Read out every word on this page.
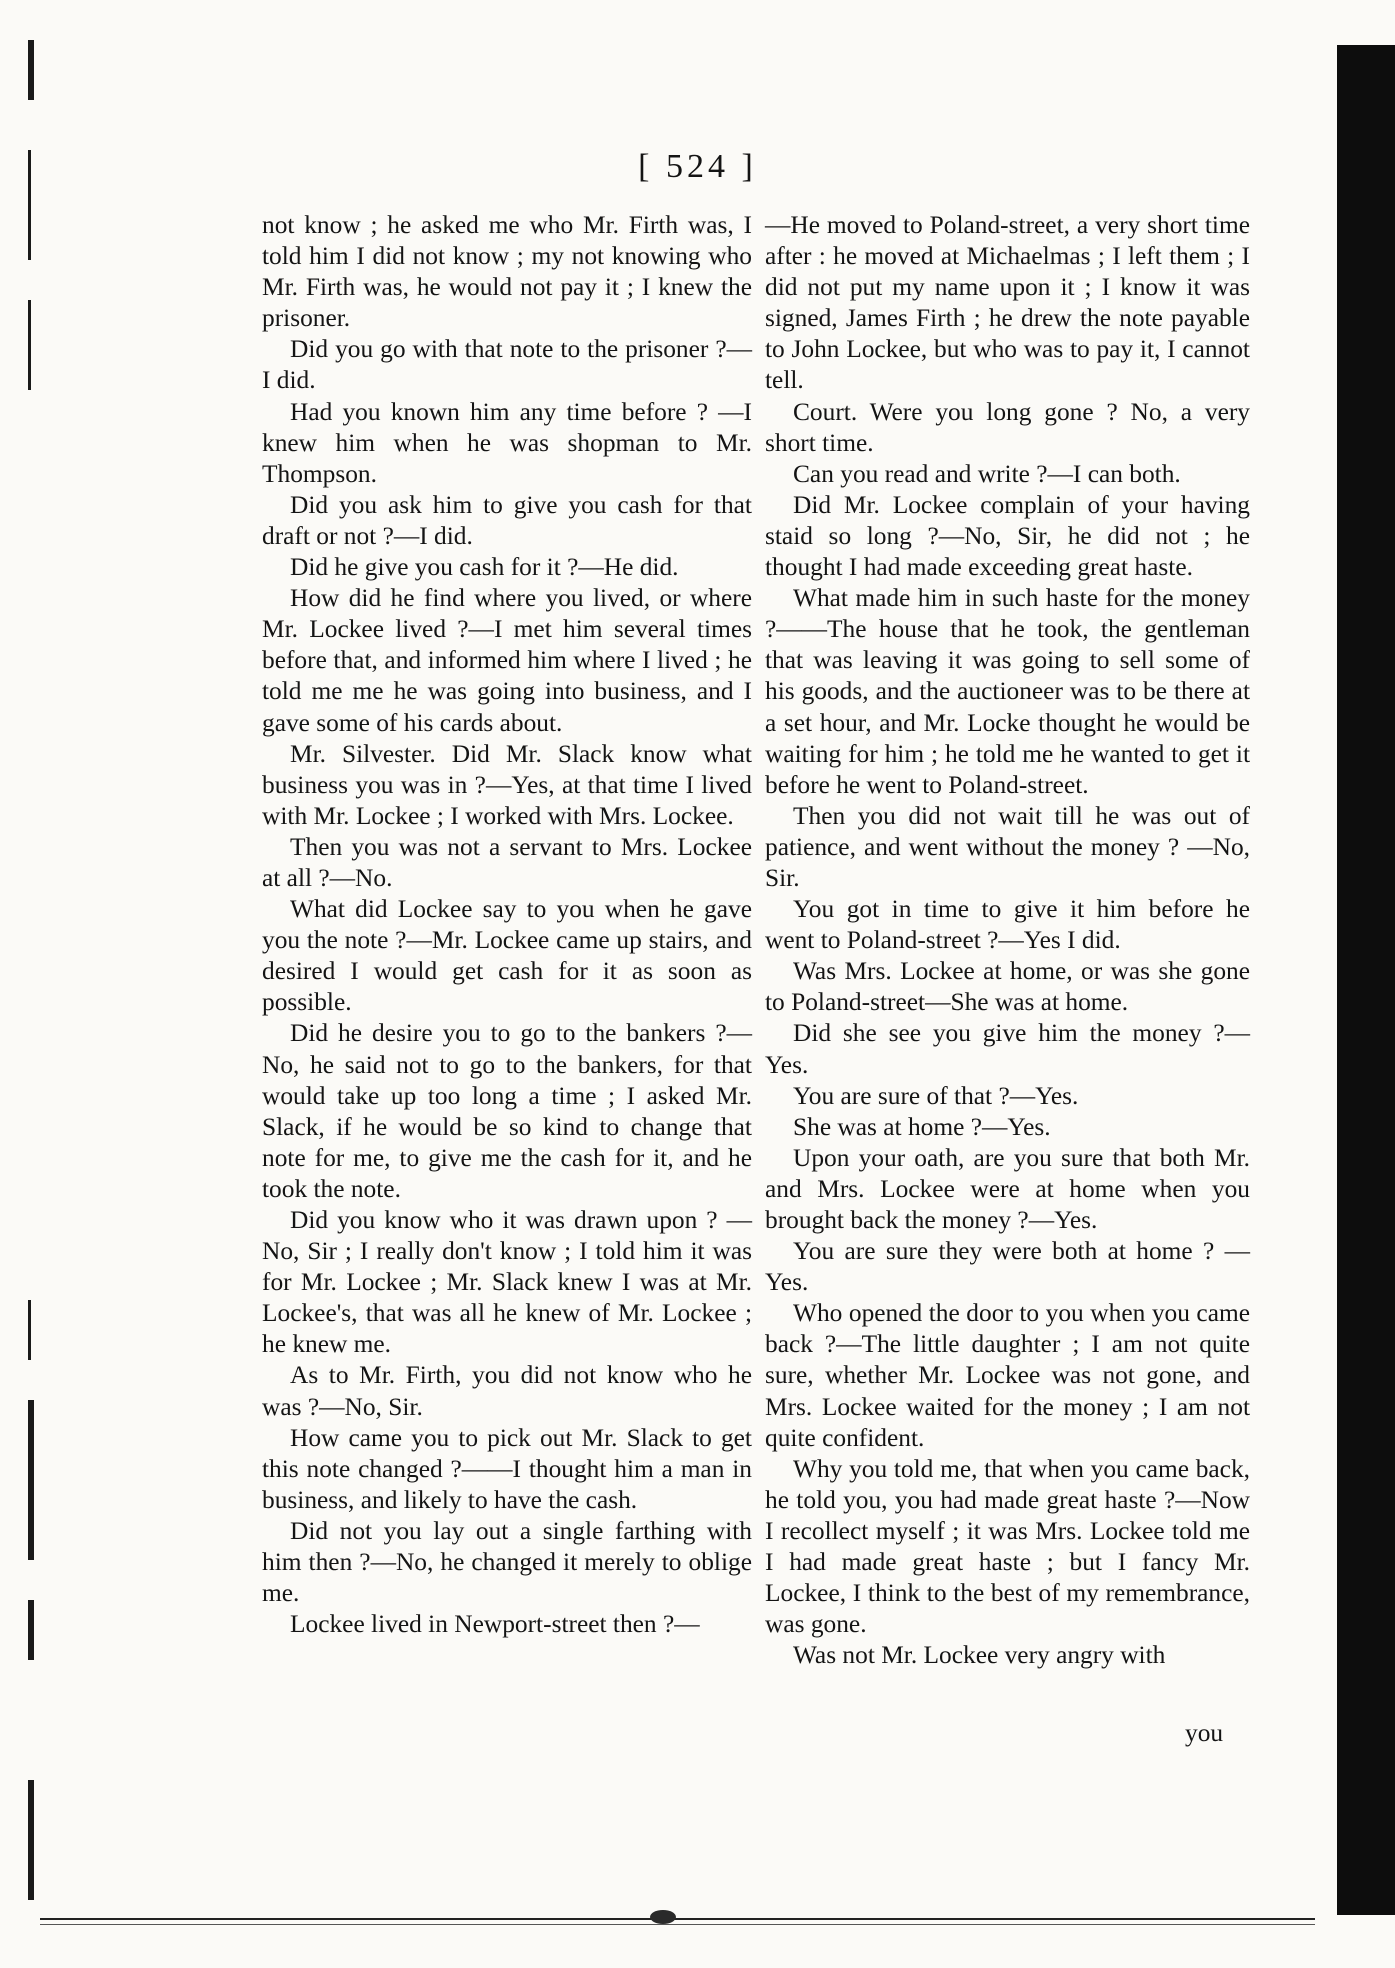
[ 524 ]

not know ; he asked me who Mr. Firth was, I told him I did not know ; my not knowing who Mr. Firth was, he would not pay it ; I knew the prisoner.

Did you go with that note to the prisoner ?—I did.

Had you known him any time before ? —I knew him when he was shopman to Mr. Thompson.

Did you ask him to give you cash for that draft or not ?—I did.

Did he give you cash for it ?—He did.

How did he find where you lived, or where Mr. Lockee lived ?—I met him several times before that, and informed him where I lived ; he told me me he was going into business, and I gave some of his cards about.

Mr. Silvester. Did Mr. Slack know what business you was in ?—Yes, at that time I lived with Mr. Lockee ; I worked with Mrs. Lockee.

Then you was not a servant to Mrs. Lockee at all ?—No.

What did Lockee say to you when he gave you the note ?—Mr. Lockee came up stairs, and desired I would get cash for it as soon as possible.

Did he desire you to go to the bankers ?—No, he said not to go to the bankers, for that would take up too long a time ; I asked Mr. Slack, if he would be so kind to change that note for me, to give me the cash for it, and he took the note.

Did you know who it was drawn upon ? —No, Sir ; I really don't know ; I told him it was for Mr. Lockee ; Mr. Slack knew I was at Mr. Lockee's, that was all he knew of Mr. Lockee ; he knew me.

As to Mr. Firth, you did not know who he was ?—No, Sir.

How came you to pick out Mr. Slack to get this note changed ?——I thought him a man in business, and likely to have the cash.

Did not you lay out a single farthing with him then ?—No, he changed it merely to oblige me.

Lockee lived in Newport-street then ?—

—He moved to Poland-street, a very short time after : he moved at Michaelmas ; I left them ; I did not put my name upon it ; I know it was signed, James Firth ; he drew the note payable to John Lockee, but who was to pay it, I cannot tell.

Court. Were you long gone ? No, a very short time.

Can you read and write ?—I can both.

Did Mr. Lockee complain of your having staid so long ?—No, Sir, he did not ; he thought I had made exceeding great haste.

What made him in such haste for the money ?——The house that he took, the gentleman that was leaving it was going to sell some of his goods, and the auctioneer was to be there at a set hour, and Mr. Locke thought he would be waiting for him ; he told me he wanted to get it before he went to Poland-street.

Then you did not wait till he was out of patience, and went without the money ? —No, Sir.

You got in time to give it him before he went to Poland-street ?—Yes I did.

Was Mrs. Lockee at home, or was she gone to Poland-street—She was at home.

Did she see you give him the money ?— Yes.

You are sure of that ?—Yes.

She was at home ?—Yes.

Upon your oath, are you sure that both Mr. and Mrs. Lockee were at home when you brought back the money ?—Yes.

You are sure they were both at home ? —Yes.

Who opened the door to you when you came back ?—The little daughter ; I am not quite sure, whether Mr. Lockee was not gone, and Mrs. Lockee waited for the money ; I am not quite confident.

Why you told me, that when you came back, he told you, you had made great haste ?—Now I recollect myself ; it was Mrs. Lockee told me I had made great haste ; but I fancy Mr. Lockee, I think to the best of my remembrance, was gone.

Was not Mr. Lockee very angry with

you
